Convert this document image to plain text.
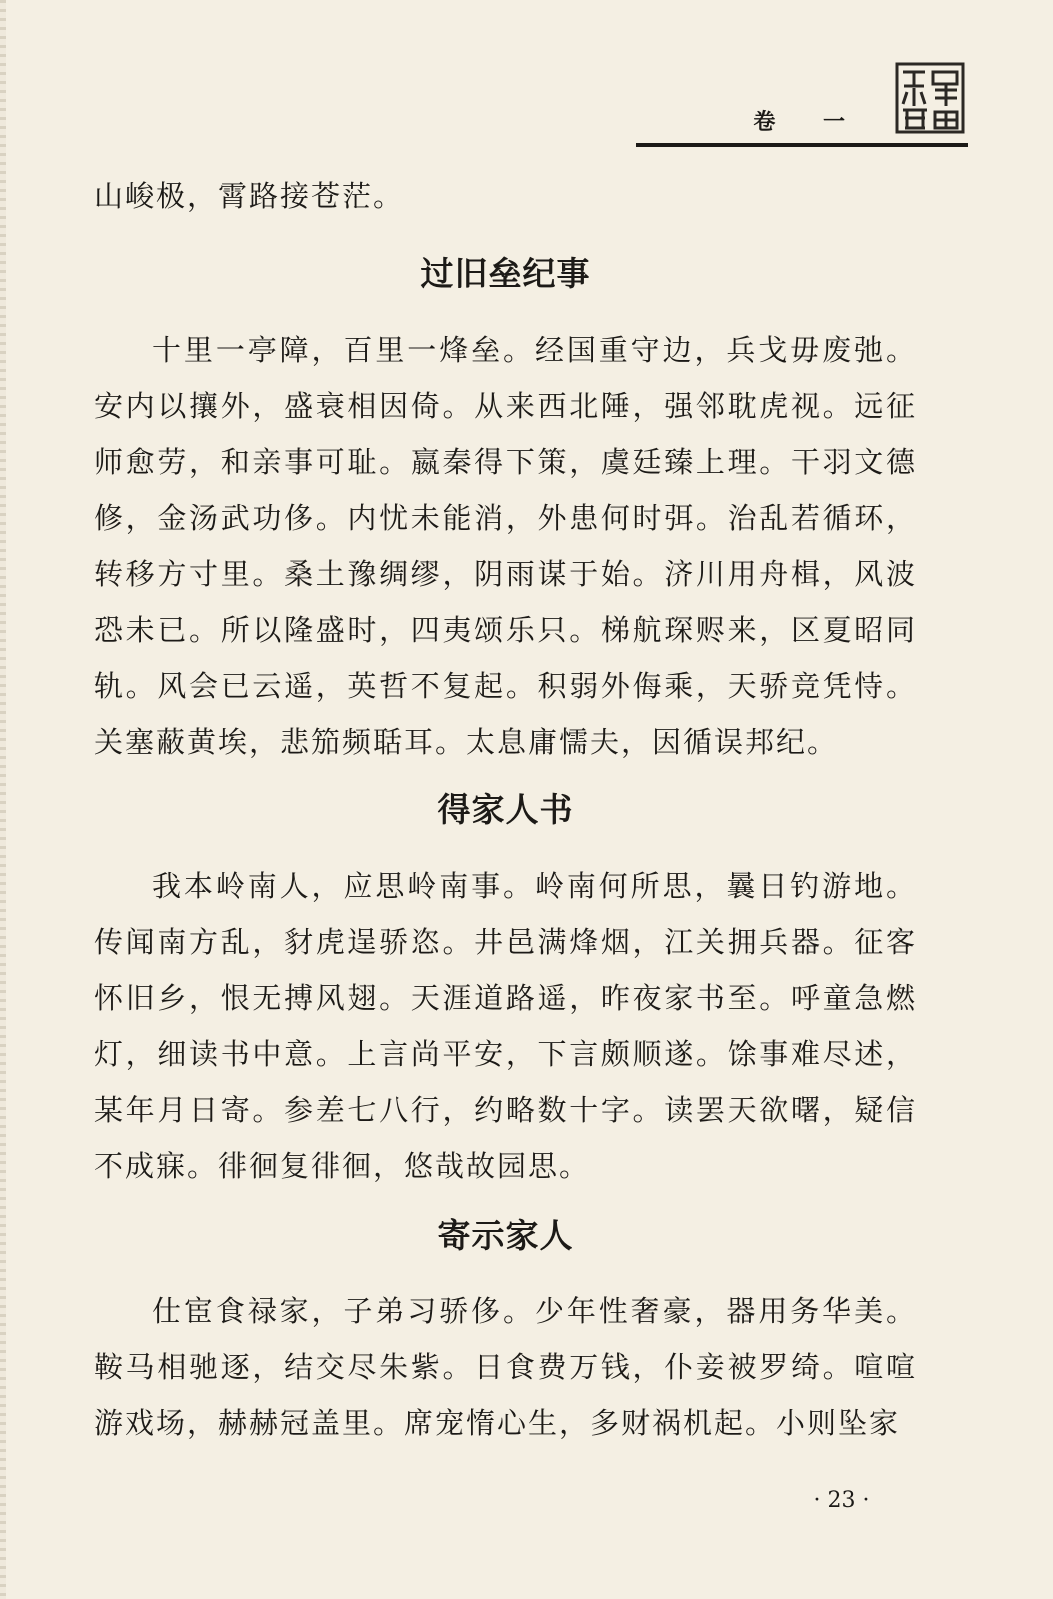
卷 一

山峻极，霄路接苍茫。

过旧垒纪事

十里一亭障，百里一烽垒。经国重守边，兵戈毋废弛。安内以攘外，盛衰相因倚。从来西北陲，强邻耽虎视。远征师愈劳，和亲事可耻。嬴秦得下策，虞廷臻上理。干羽文德修，金汤武功侈。内忧未能消，外患何时弭。治乱若循环，转移方寸里。桑土豫绸缪，阴雨谋于始。济川用舟楫，风波恐未已。所以隆盛时，四夷颂乐只。梯航琛赆来，区夏昭同轨。风会已云遥，英哲不复起。积弱外侮乘，天骄竞凭恃。关塞蔽黄埃，悲笳频聒耳。太息庸懦夫，因循误邦纪。

得家人书

我本岭南人，应思岭南事。岭南何所思，曩日钓游地。传闻南方乱，豺虎逞骄恣。井邑满烽烟，江关拥兵器。征客怀旧乡，恨无搏风翅。天涯道路遥，昨夜家书至。呼童急燃灯，细读书中意。上言尚平安，下言颇顺遂。馀事难尽述，某年月日寄。参差七八行，约略数十字。读罢天欲曙，疑信不成寐。徘徊复徘徊，悠哉故园思。

寄示家人

仕宦食禄家，子弟习骄侈。少年性奢豪，器用务华美。鞍马相驰逐，结交尽朱紫。日食费万钱，仆妾被罗绮。喧喧游戏场，赫赫冠盖里。席宠惰心生，多财祸机起。小则坠家

· 23 ·
